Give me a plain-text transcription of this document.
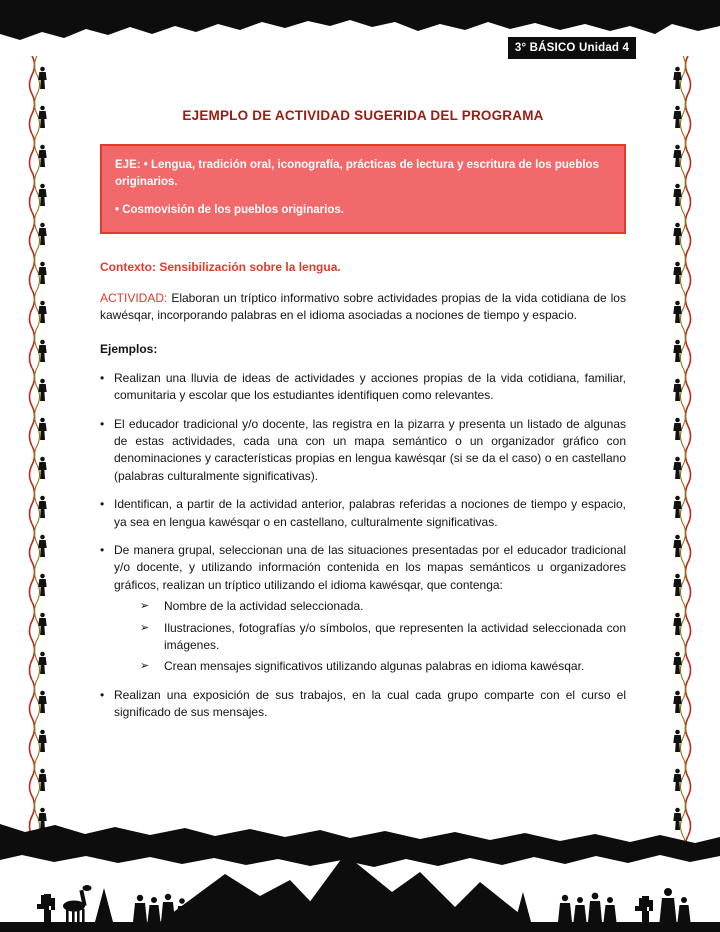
3° BÁSICO Unidad 4
EJEMPLO DE ACTIVIDAD SUGERIDA DEL PROGRAMA

EJE: • Lengua, tradición oral, iconografía, prácticas de lectura y escritura de los pueblos originarios.

• Cosmovisión de los pueblos originarios.

Contexto: Sensibilización sobre la lengua.

ACTIVIDAD: Elaboran un tríptico informativo sobre actividades propias de la vida cotidiana de los kawésqar, incorporando palabras en el idioma asociadas a nociones de tiempo y espacio.

Ejemplos:

• Realizan una lluvia de ideas de actividades y acciones propias de la vida cotidiana, familiar, comunitaria y escolar que los estudiantes identifiquen como relevantes.
• El educador tradicional y/o docente, las registra en la pizarra y presenta un listado de algunas de estas actividades, cada una con un mapa semántico o un organizador gráfico con denominaciones y características propias en lengua kawésqar (si se da el caso) o en castellano (palabras culturalmente significativas).
• Identifican, a partir de la actividad anterior, palabras referidas a nociones de tiempo y espacio, ya sea en lengua kawésqar o en castellano, culturalmente significativas.
• De manera grupal, seleccionan una de las situaciones presentadas por el educador tradicional y/o docente, y utilizando información contenida en los mapas semánticos u organizadores gráficos, realizan un tríptico utilizando el idioma kawésqar, que contenga:
➢	Nombre de la actividad seleccionada.
➢	Ilustraciones, fotografías y/o símbolos, que representen la actividad seleccionada con imágenes.
➢	Crean mensajes significativos utilizando algunas palabras en idioma kawésqar.
• Realizan una exposición de sus trabajos, en la cual cada grupo comparte con el curso el significado de sus mensajes.
